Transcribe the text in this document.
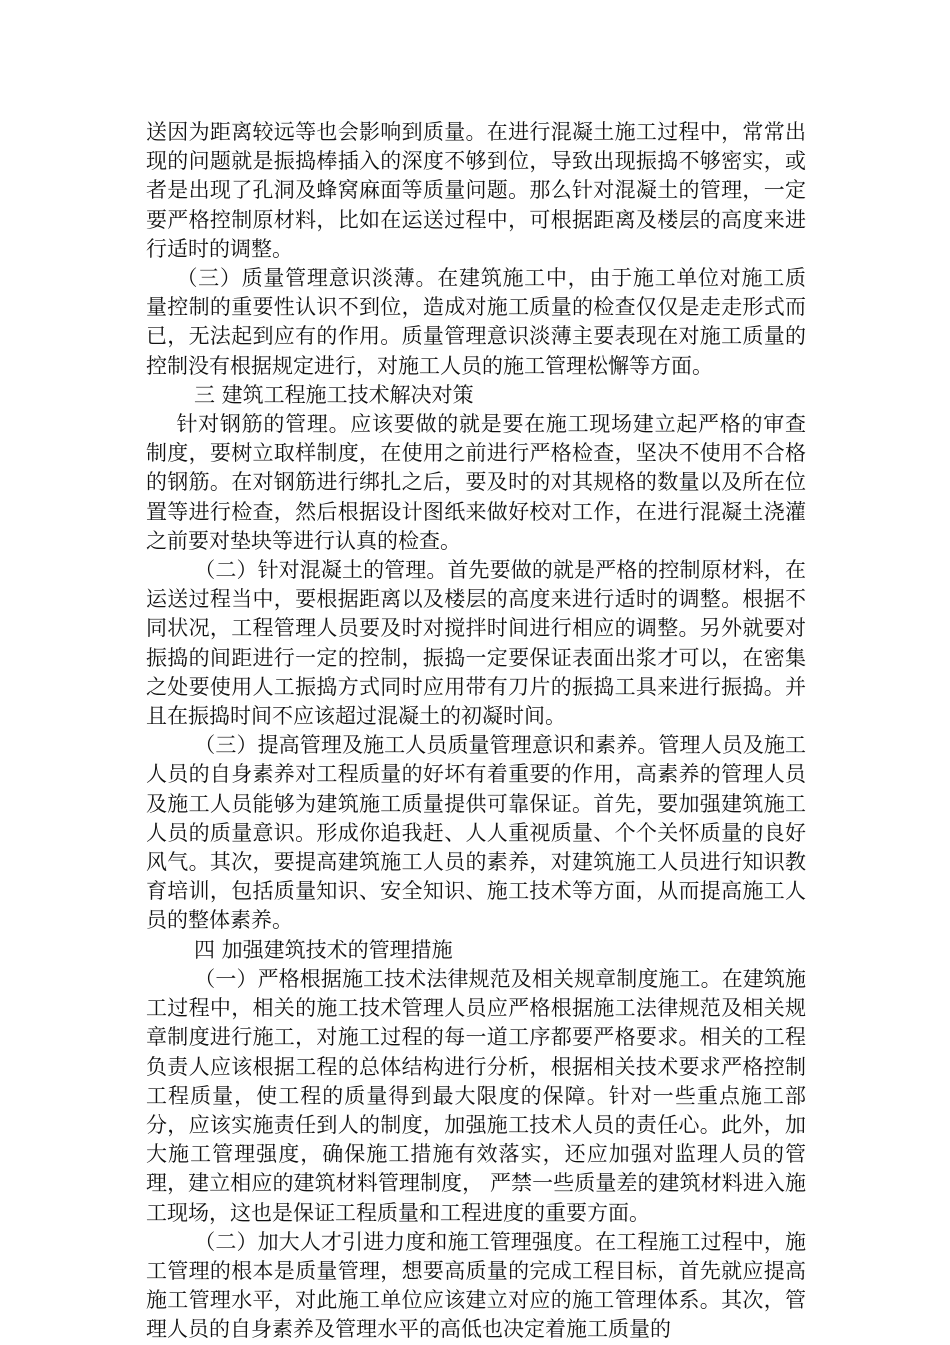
送因为距离较远等也会影响到质量。在进行混凝土施工过程中，常常出现的问题就是振捣棒插入的深度不够到位，导致出现振捣不够密实，或者是出现了孔洞及蜂窝麻面等质量问题。那么针对混凝土的管理，一定要严格控制原材料，比如在运送过程中，可根据距离及楼层的高度来进行适时的调整。

（三）质量管理意识淡薄。在建筑施工中，由于施工单位对施工质量控制的重要性认识不到位，造成对施工质量的检查仅仅是走走形式而已，无法起到应有的作用。质量管理意识淡薄主要表现在对施工质量的控制没有根据规定进行，对施工人员的施工管理松懈等方面。

三 建筑工程施工技术解决对策

针对钢筋的管理。应该要做的就是要在施工现场建立起严格的审查制度，要树立取样制度，在使用之前进行严格检查，坚决不使用不合格的钢筋。在对钢筋进行绑扎之后，要及时的对其规格的数量以及所在位置等进行检查，然后根据设计图纸来做好校对工作，在进行混凝土浇灌之前要对垫块等进行认真的检查。

（二）针对混凝土的管理。首先要做的就是严格的控制原材料，在运送过程当中，要根据距离以及楼层的高度来进行适时的调整。根据不同状况，工程管理人员要及时对搅拌时间进行相应的调整。另外就要对振捣的间距进行一定的控制，振捣一定要保证表面出浆才可以，在密集之处要使用人工振捣方式同时应用带有刀片的振捣工具来进行振捣。并且在振捣时间不应该超过混凝土的初凝时间。

（三）提高管理及施工人员质量管理意识和素养。管理人员及施工人员的自身素养对工程质量的好坏有着重要的作用，高素养的管理人员及施工人员能够为建筑施工质量提供可靠保证。首先，要加强建筑施工人员的质量意识。形成你追我赶、人人重视质量、个个关怀质量的良好风气。其次，要提高建筑施工人员的素养，对建筑施工人员进行知识教育培训，包括质量知识、安全知识、施工技术等方面，从而提高施工人员的整体素养。

四 加强建筑技术的管理措施

（一）严格根据施工技术法律规范及相关规章制度施工。在建筑施工过程中，相关的施工技术管理人员应严格根据施工法律规范及相关规章制度进行施工，对施工过程的每一道工序都要严格要求。相关的工程负责人应该根据工程的总体结构进行分析，根据相关技术要求严格控制工程质量，使工程的质量得到最大限度的保障。针对一些重点施工部分，应该实施责任到人的制度，加强施工技术人员的责任心。此外，加大施工管理强度，确保施工措施有效落实，还应加强对监理人员的管理，建立相应的建筑材料管理制度， 严禁一些质量差的建筑材料进入施工现场，这也是保证工程质量和工程进度的重要方面。

（二）加大人才引进力度和施工管理强度。在工程施工过程中，施工管理的根本是质量管理，想要高质量的完成工程目标，首先就应提高施工管理水平，对此施工单位应该建立对应的施工管理体系。其次，管理人员的自身素养及管理水平的高低也决定着施工质量的
